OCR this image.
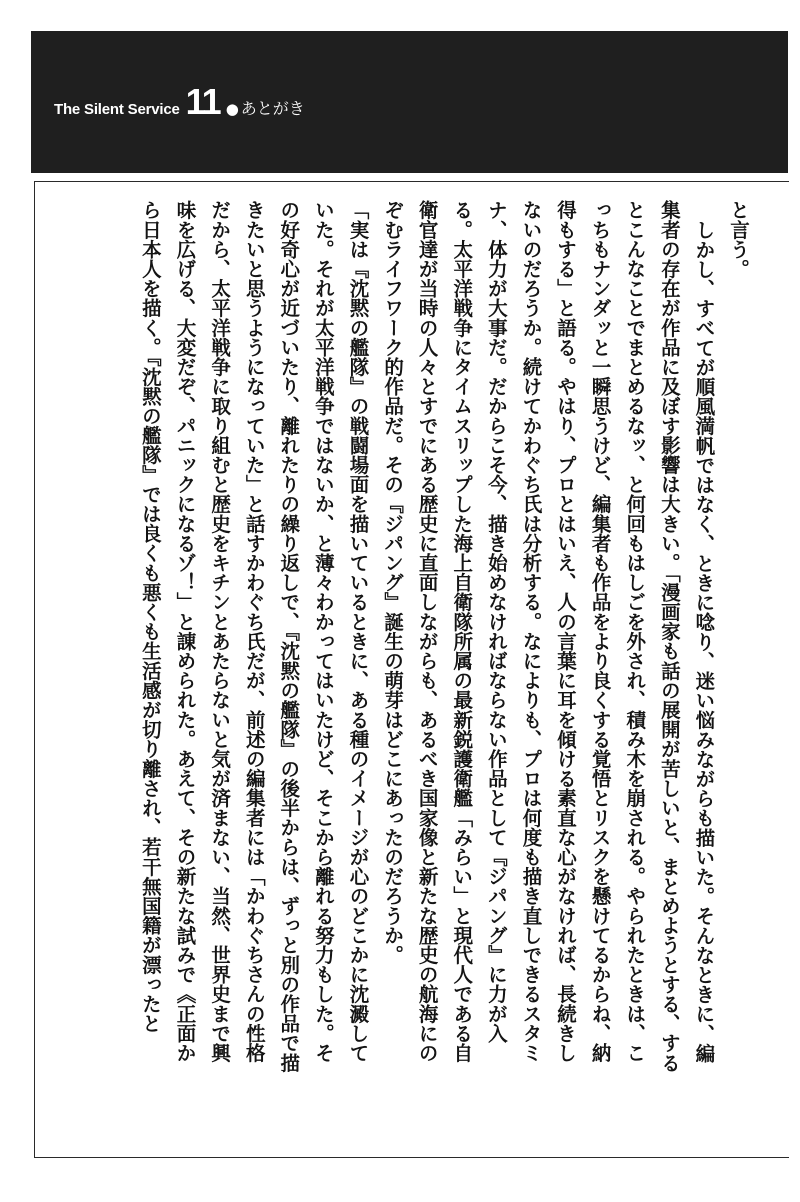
The Silent Service 11 ● あとがき

と言う。

しかし、すべてが順風満帆ではなく、ときに唸り、迷い悩みながらも描いた。そんなときに、編集者の存在が作品に及ぼす影響は大きい。「漫画家も話の展開が苦しいと、まとめようとする、するとこんなことでまとめるなッ、と何回もはしごを外され、積み木を崩される。やられたときは、こっちもナンダッと一瞬思うけど、編集者も作品をより良くする覚悟とリスクを懸けてるからね、納得もする」と語る。やはり、プロとはいえ、人の言葉に耳を傾ける素直な心がなければ、長続きしないのだろうか。続けてかわぐち氏は分析する。なによりも、プロは何度も描き直しできるスタミナ、体力が大事だ。だからこそ今、描き始めなければならない作品として『ジパング』に力が入る。太平洋戦争にタイムスリップした海上自衛隊所属の最新鋭護衛艦「みらい」と現代人である自衛官達が当時の人々とすでにある歴史に直面しながらも、あるべき国家像と新たな歴史の航海にのぞむライフワーク的作品だ。その『ジパング』誕生の萌芽はどこにあったのだろうか。

「実は『沈黙の艦隊』の戦闘場面を描いているときに、ある種のイメージが心のどこかに沈澱していた。それが太平洋戦争ではないか、と薄々わかってはいたけど、そこから離れる努力もした。その好奇心が近づいたり、離れたりの繰り返しで、『沈黙の艦隊』の後半からは、ずっと別の作品で描きたいと思うようになっていた」と話すかわぐち氏だが、前述の編集者には「かわぐちさんの性格だから、太平洋戦争に取り組むと歴史をキチンとあたらないと気が済まない、当然、世界史まで興味を広げる、大変だぞ、パニックになるゾ！」と諌められた。あえて、その新たな試みで《正面から日本人を描く。『沈黙の艦隊』では良くも悪くも生活感が切り離され、若干無国籍が漂ったと
